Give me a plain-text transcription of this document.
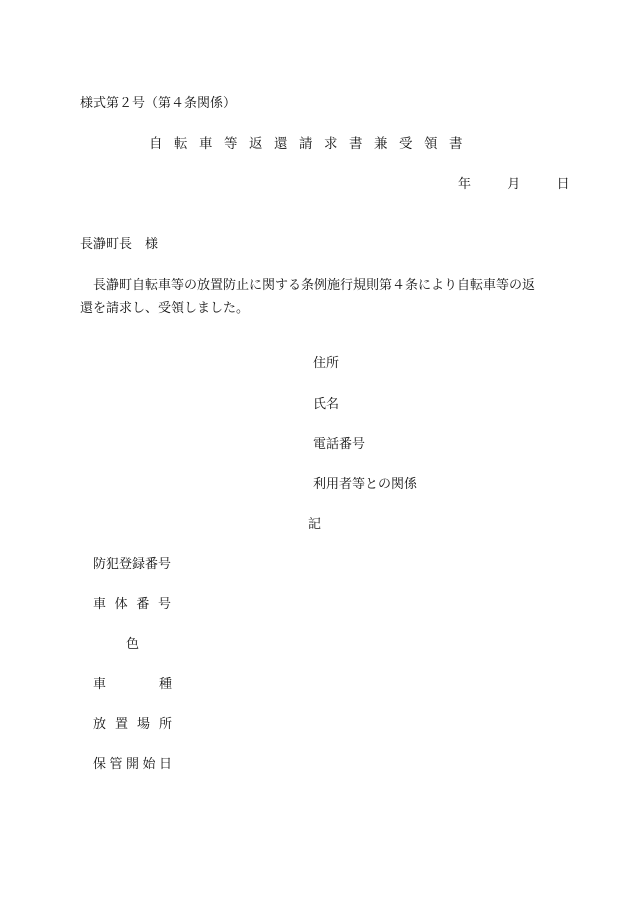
様式第２号（第４条関係）
自転車等返還請求書兼受領書
年	月	日
長瀞町長　様
長瀞町自転車等の放置防止に関する条例施行規則第４条により自転車等の返
還を請求し、受領しました。
住所
氏名
電話番号
利用者等との関係
記
防犯登録番号
車 体 番 号
色
車	種
放 置 場 所
保 管 開 始 日
